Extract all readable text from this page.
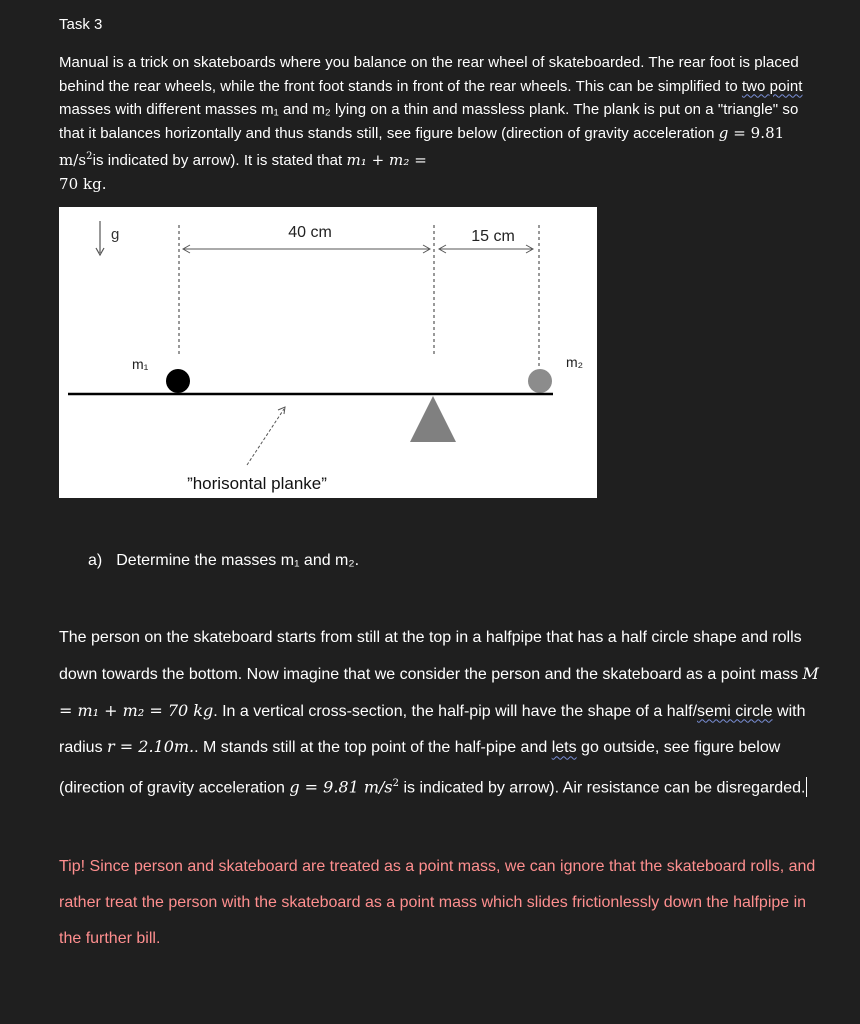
Task 3
Manual is a trick on skateboards where you balance on the rear wheel of skateboarded. The rear foot is placed behind the rear wheels, while the front foot stands in front of the rear wheels. This can be simplified to two point masses with different masses m₁ and m₂ lying on a thin and massless plank. The plank is put on a "triangle" so that it balances horizontally and thus stands still, see figure below (direction of gravity acceleration g = 9.81 $m/s^2is$ indicated by arrow). It is stated that m₁ + m₂ =
70 kg.
g	40 cm	15 cm
m₁	m₂
”horisontal planke”
a) Determine the masses m₁ and m₂.
The person on the skateboard starts from still at the top in a halfpipe that has a half circle shape and rolls down towards the bottom. Now imagine that we consider the person and the skateboard as a point mass M = m₁ + m₂ = 70 kg. In a vertical cross-section, the half-pip will have the shape of a half/semi circle with radius r = 2.10m.. M stands still at the top point of the half-pipe and lets go outside, see figure below (direction of gravity acceleration g = 9.81 $m/s^2$ is indicated by arrow). Air resistance can be disregarded.
Tip! Since person and skateboard are treated as a point mass, we can ignore that the skateboard rolls, and rather treat the person with the skateboard as a point mass which slides frictionlessly down the halfpipe in the further bill.
